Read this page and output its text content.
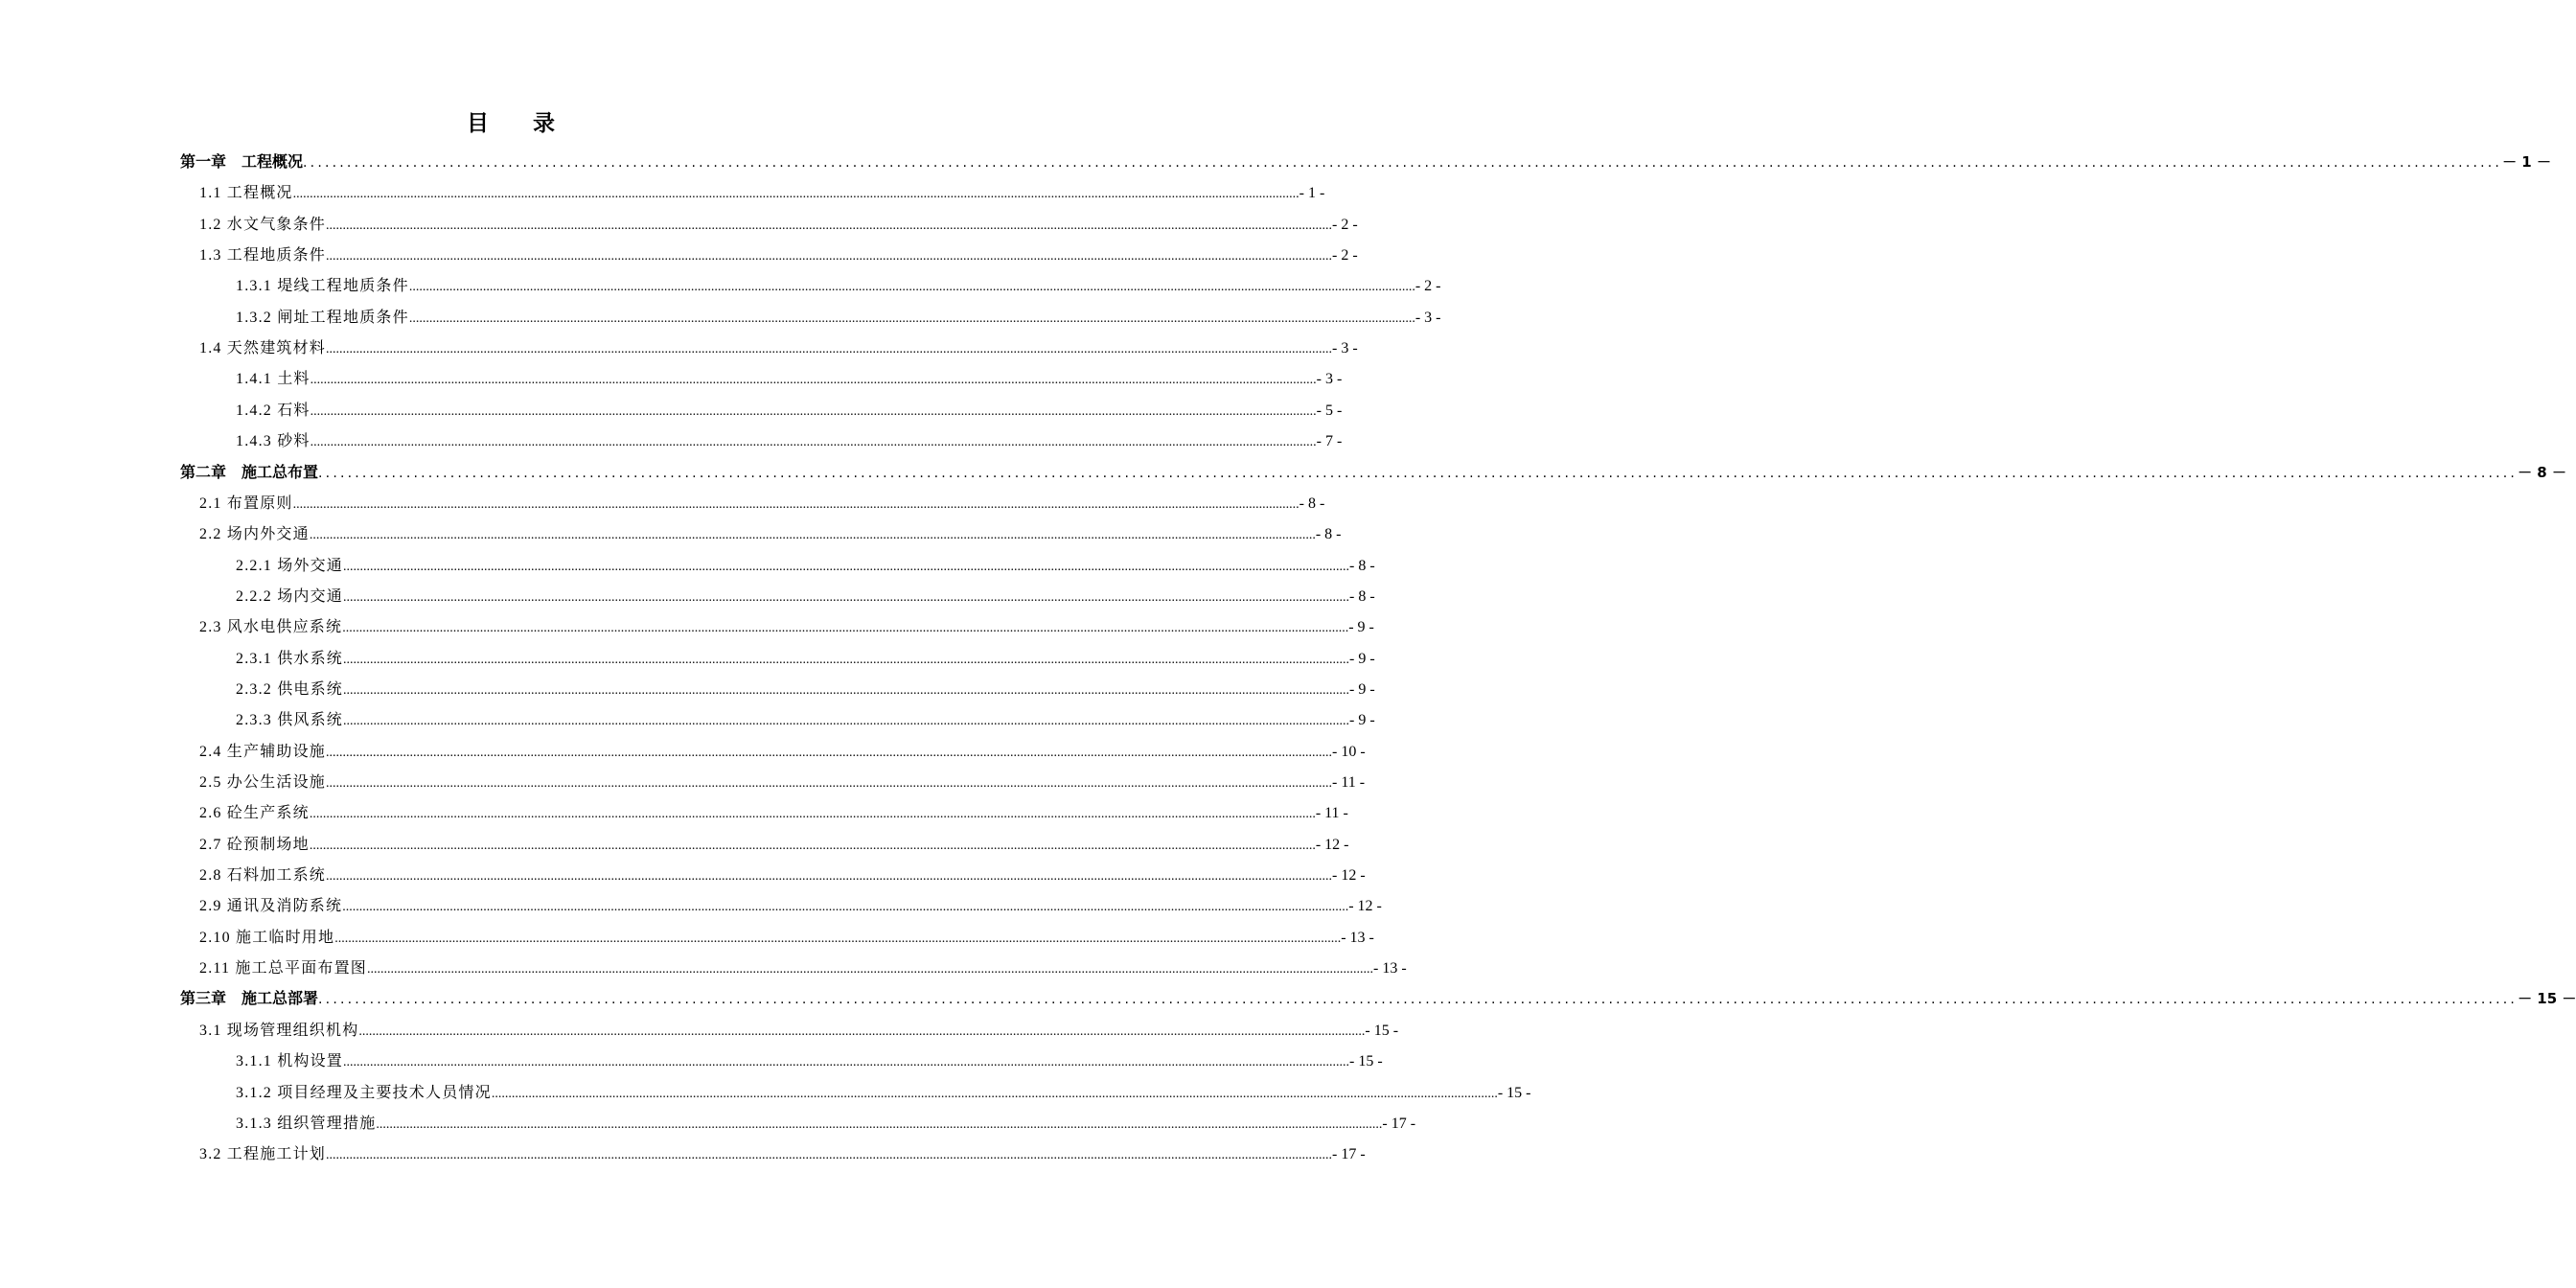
目 录
第一章　工程概况 ............................................................................................................................................................................................................................................................................................................ － 1 －
1.1 工程概况 ............................................................................................................................................................................................................................................................................................................ - 1 -
1.2 水文气象条件 ............................................................................................................................................................................................................................................................................................................ - 2 -
1.3 工程地质条件 ............................................................................................................................................................................................................................................................................................................ - 2 -
1.3.1 堤线工程地质条件 ............................................................................................................................................................................................................................................................................................................ - 2 -
1.3.2 闸址工程地质条件 ............................................................................................................................................................................................................................................................................................................ - 3 -
1.4 天然建筑材料 ............................................................................................................................................................................................................................................................................................................ - 3 -
1.4.1 土料 ............................................................................................................................................................................................................................................................................................................ - 3 -
1.4.2 石料 ............................................................................................................................................................................................................................................................................................................ - 5 -
1.4.3 砂料 ............................................................................................................................................................................................................................................................................................................ - 7 -
第二章　施工总布置 ............................................................................................................................................................................................................................................................................................................ － 8 －
2.1 布置原则 ............................................................................................................................................................................................................................................................................................................ - 8 -
2.2 场内外交通 ............................................................................................................................................................................................................................................................................................................ - 8 -
2.2.1 场外交通 ............................................................................................................................................................................................................................................................................................................ - 8 -
2.2.2 场内交通 ............................................................................................................................................................................................................................................................................................................ - 8 -
2.3 风水电供应系统 ............................................................................................................................................................................................................................................................................................................ - 9 -
2.3.1 供水系统 ............................................................................................................................................................................................................................................................................................................ - 9 -
2.3.2 供电系统 ............................................................................................................................................................................................................................................................................................................ - 9 -
2.3.3 供风系统 ............................................................................................................................................................................................................................................................................................................ - 9 -
2.4 生产辅助设施 ............................................................................................................................................................................................................................................................................................................ - 10 -
2.5 办公生活设施 ............................................................................................................................................................................................................................................................................................................ - 11 -
2.6 砼生产系统 ............................................................................................................................................................................................................................................................................................................ - 11 -
2.7 砼预制场地 ............................................................................................................................................................................................................................................................................................................ - 12 -
2.8 石料加工系统 ............................................................................................................................................................................................................................................................................................................ - 12 -
2.9 通讯及消防系统 ............................................................................................................................................................................................................................................................................................................ - 12 -
2.10 施工临时用地 ............................................................................................................................................................................................................................................................................................................ - 13 -
2.11 施工总平面布置图 ............................................................................................................................................................................................................................................................................................................ - 13 -
第三章　施工总部署 ............................................................................................................................................................................................................................................................................................................ － 15 －
3.1 现场管理组织机构 ............................................................................................................................................................................................................................................................................................................ - 15 -
3.1.1 机构设置 ............................................................................................................................................................................................................................................................................................................ - 15 -
3.1.2 项目经理及主要技术人员情况 ............................................................................................................................................................................................................................................................................................................ - 15 -
3.1.3 组织管理措施 ............................................................................................................................................................................................................................................................................................................ - 17 -
3.2 工程施工计划 ............................................................................................................................................................................................................................................................................................................ - 17 -
